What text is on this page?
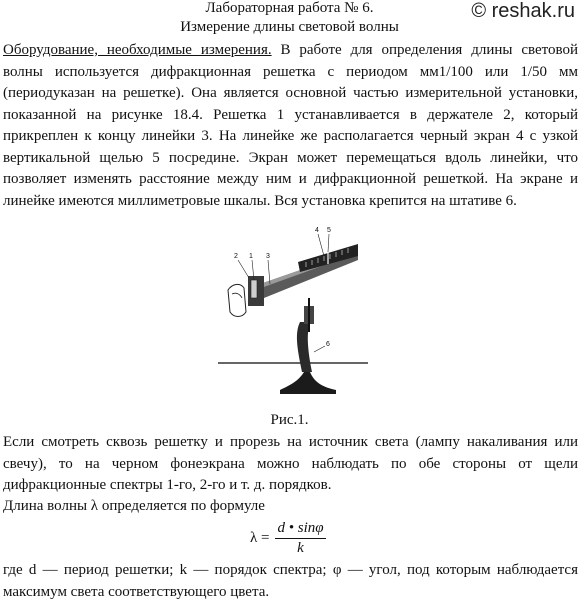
Лабораторная работа № 6.
Измерение длины световой волны
© reshak.ru

Оборудование, необходимые измерения. В работе для определения длины световой волны используется дифракционная решетка с периодом мм1/100 или 1/50 мм (периодуказан на решетке). Она является основной частью измерительной установки, показанной на рисунке 18.4. Решетка 1 устанавливается в держателе 2, который прикреплен к концу линейки 3. На линейке же располагается черный экран 4 с узкой вертикальной щелью 5 посредине. Экран может перемещаться вдоль линейки, что позволяет изменять расстояние между ним и дифракционной решеткой. На экране и линейке имеются миллиметровые шкалы. Вся установка крепится на штативе 6.

2 1 3
4 5
6
Рис.1.

Если смотреть сквозь решетку и прорезь на источник света (лампу накаливания или свечу), то на черном фонеэкрана можно наблюдать по обе стороны от щели дифракционные спектры 1-го, 2-го и т. д. порядков.

Длина волны λ определяется по формуле

$\lambda = \frac{d • \sin\varphi}{k}$

где d — период решетки; k — порядок спектра; φ — угол, под которым наблюдается максимум света соответствующего цвета.
